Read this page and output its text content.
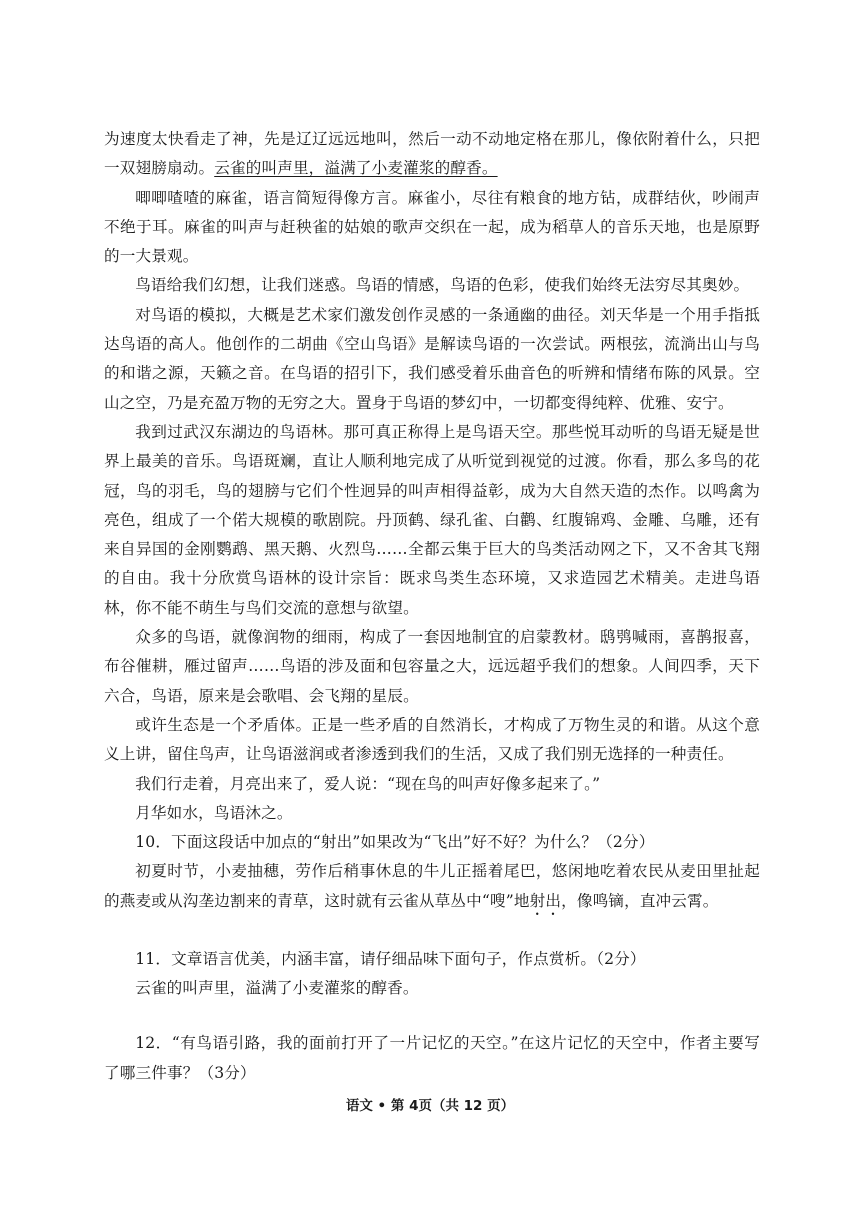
为速度太快看走了神，先是辽辽远远地叫，然后一动不动地定格在那儿，像依附着什么，只把一双翅膀扇动。云雀的叫声里，溢满了小麦灌浆的醇香。

唧唧喳喳的麻雀，语言简短得像方言。麻雀小，尽往有粮食的地方钻，成群结伙，吵闹声不绝于耳。麻雀的叫声与赶秧雀的姑娘的歌声交织在一起，成为稻草人的音乐天地，也是原野的一大景观。

鸟语给我们幻想，让我们迷惑。鸟语的情感，鸟语的色彩，使我们始终无法穷尽其奥妙。

对鸟语的模拟，大概是艺术家们激发创作灵感的一条通幽的曲径。刘天华是一个用手指抵达鸟语的高人。他创作的二胡曲《空山鸟语》是解读鸟语的一次尝试。两根弦，流淌出山与鸟的和谐之源，天籁之音。在鸟语的招引下，我们感受着乐曲音色的听辨和情绪布陈的风景。空山之空，乃是充盈万物的无穷之大。置身于鸟语的梦幻中，一切都变得纯粹、优雅、安宁。

我到过武汉东湖边的鸟语林。那可真正称得上是鸟语天空。那些悦耳动听的鸟语无疑是世界上最美的音乐。鸟语斑斓，直让人顺利地完成了从听觉到视觉的过渡。你看，那么多鸟的花冠，鸟的羽毛，鸟的翅膀与它们个性迥异的叫声相得益彰，成为大自然天造的杰作。以鸣禽为亮色，组成了一个偌大规模的歌剧院。丹顶鹤、绿孔雀、白鹳、红腹锦鸡、金雕、乌雕，还有来自异国的金刚鹦鹉、黑天鹅、火烈鸟……全都云集于巨大的鸟类活动网之下，又不舍其飞翔的自由。我十分欣赏鸟语林的设计宗旨：既求鸟类生态环境，又求造园艺术精美。走进鸟语林，你不能不萌生与鸟们交流的意想与欲望。

众多的鸟语，就像润物的细雨，构成了一套因地制宜的启蒙教材。鸱鸮喊雨，喜鹊报喜，布谷催耕，雁过留声……鸟语的涉及面和包容量之大，远远超乎我们的想象。人间四季，天下六合，鸟语，原来是会歌唱、会飞翔的星辰。

或许生态是一个矛盾体。正是一些矛盾的自然消长，才构成了万物生灵的和谐。从这个意义上讲，留住鸟声，让鸟语滋润或者渗透到我们的生活，又成了我们别无选择的一种责任。

我们行走着，月亮出来了，爱人说：“现在鸟的叫声好像多起来了。”

月华如水，鸟语沐之。

10．下面这段话中加点的“射出”如果改为“飞出”好不好？为什么？（2分）

初夏时节，小麦抽穗，劳作后稍事休息的牛儿正摇着尾巴，悠闲地吃着农民从麦田里扯起的燕麦或从沟垄边割来的青草，这时就有云雀从草丛中“嗖”地射出，像鸣镝，直冲云霄。

11．文章语言优美，内涵丰富，请仔细品味下面句子，作点赏析。（2分）

云雀的叫声里，溢满了小麦灌浆的醇香。

12．“有鸟语引路，我的面前打开了一片记忆的天空。”在这片记忆的天空中，作者主要写了哪三件事？（3分）

语文 • 第 4页（共 12 页）
